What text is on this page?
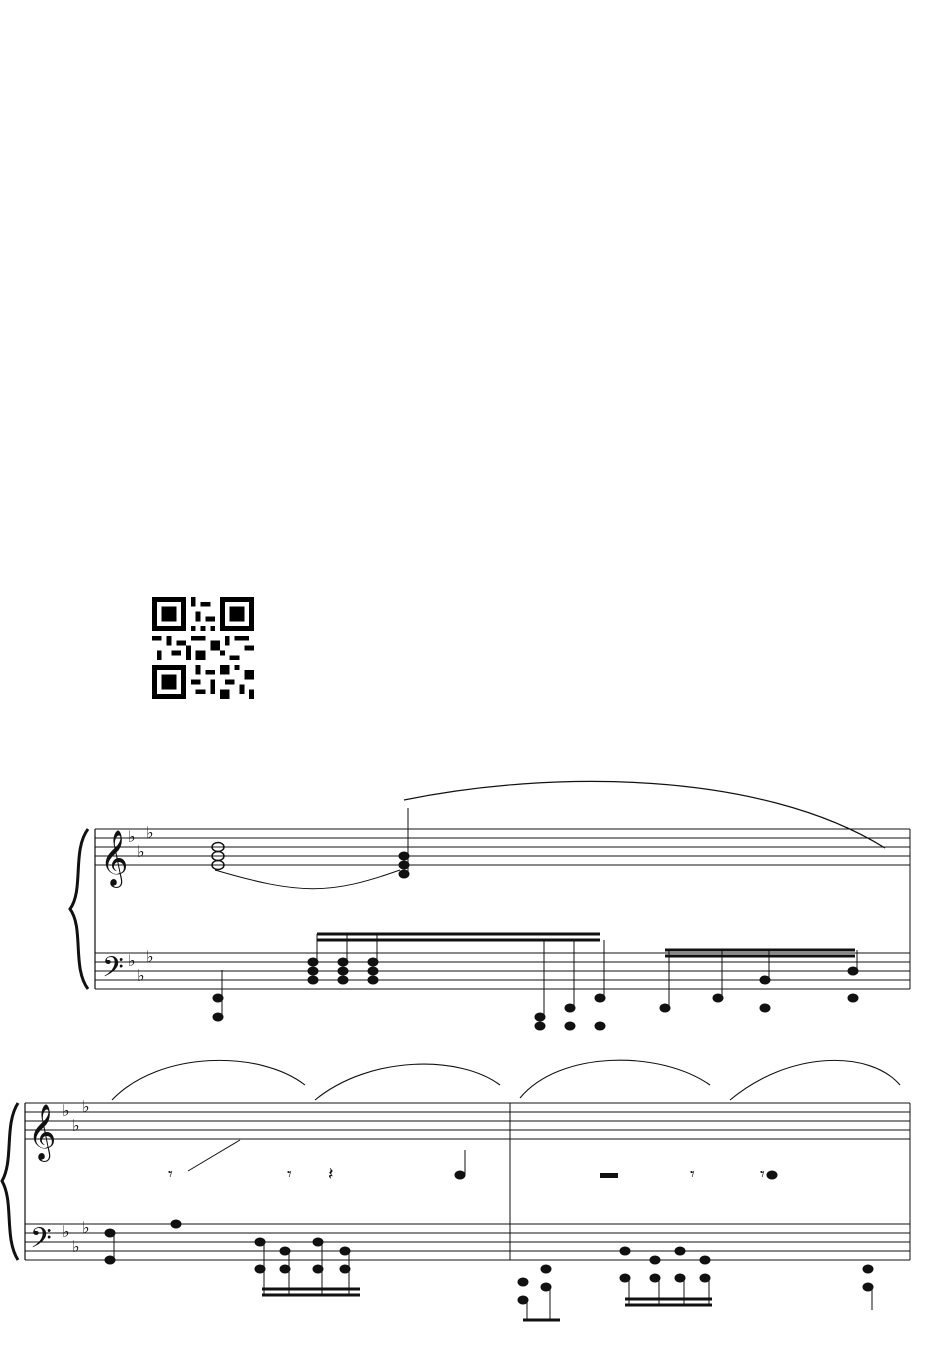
𝄞
𝄢
𝄞
𝄢
♭
♭
♭
♭
♭
♭
♭
♭
♭
♭
♭
♭
𝄾	𝄾 𝄽	𝄾	𝄾
